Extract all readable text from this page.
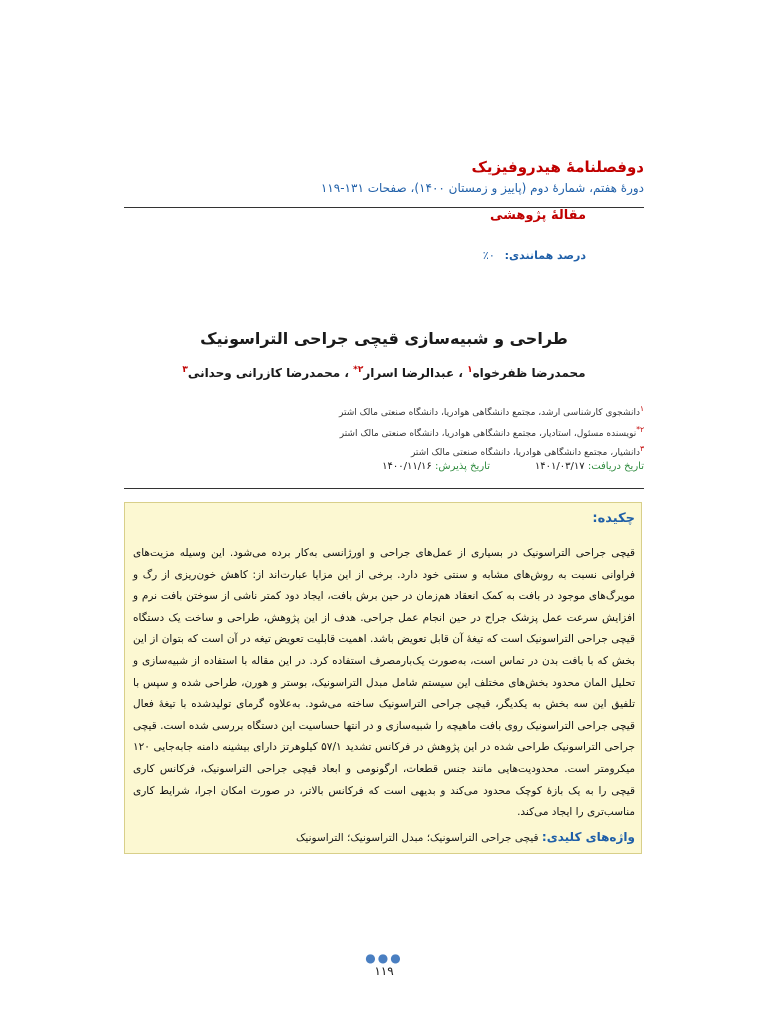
دوفصلنامهٔ هیدروفیزیک
دورهٔ هفتم، شمارهٔ دوم (پاییز و زمستان ۱۴۰۰)، صفحات ۱۳۱-۱۱۹
مقالهٔ پژوهشی
درصد همانندی: ۰٪
طراحی و شبیه‌سازی قیچی جراحی التراسونیک
محمدرضا ظفرخواه$^۱$ ، عبدالرضا اسرار$^{۲*}$ ، محمدرضا کازرانی وحدانی$^۳$
$^۱$دانشجوی کارشناسی ارشد، مجتمع دانشگاهی هوادریا، دانشگاه صنعتی مالک اشتر
$^{۲*}$نویسنده مسئول، استادیار، مجتمع دانشگاهی هوادریا، دانشگاه صنعتی مالک اشتر
$^۳$دانشیار، مجتمع دانشگاهی هوادریا، دانشگاه صنعتی مالک اشتر
تاریخ دریافت: ۱۴۰۱/۰۳/۱۷
تاریخ پذیرش: ۱۴۰۰/۱۱/۱۶
چکیده:
قیچی جراحی التراسونیک در بسیاری از عمل‌های جراحی و اورژانسی به‌کار برده می‌شود. این وسیله مزیت‌های فراوانی نسبت به روش‌های مشابه و سنتی خود دارد. برخی از این مزایا عبارت‌اند از: کاهش خون‌ریزی از رگ و مویرگ‌های موجود در بافت به کمک انعقاد هم‌زمان در حین برش بافت، ایجاد دود کمتر ناشی از سوختن بافت نرم و افزایش سرعت عمل پزشک جراح در حین انجام عمل جراحی. هدف از این پژوهش، طراحی و ساخت یک دستگاه قیچی جراحی التراسونیک است که تیغهٔ آن قابل تعویض باشد. اهمیت قابلیت تعویض تیغه در آن است که بتوان از این بخش که با بافت بدن در تماس است، به‌صورت یک‌بارمصرف استفاده کرد. در این مقاله با استفاده از شبیه‌سازی و تحلیل المان محدود بخش‌های مختلف این سیستم شامل مبدل التراسونیک، بوستر و هورن، طراحی شده و سپس با تلفیق این سه بخش به یکدیگر، قیچی جراحی التراسونیک ساخته می‌شود. به‌علاوه گرمای تولیدشده با تیغهٔ فعال قیچی جراحی التراسونیک روی بافت ماهیچه را شبیه‌سازی و در انتها حساسیت این دستگاه بررسی شده است. قیچی جراحی التراسونیک طراحی شده در این پژوهش در فرکانس تشدید ۵۷/۱ کیلوهرتز دارای بیشینه دامنه جابه‌جایی ۱۲۰ میکرومتر است. محدودیت‌هایی مانند جنس قطعات، ارگونومی و ابعاد قیچی جراحی التراسونیک، فرکانس کاری قیچی را به یک بازهٔ کوچک محدود می‌کند و بدیهی است که فرکانس بالاتر، در صورت امکان اجرا، شرایط کاری مناسب‌تری را ایجاد می‌کند.
واژه‌های کلیدی: قیچی جراحی التراسونیک؛ مبدل التراسونیک؛ التراسونیک
●●●
۱۱۹
